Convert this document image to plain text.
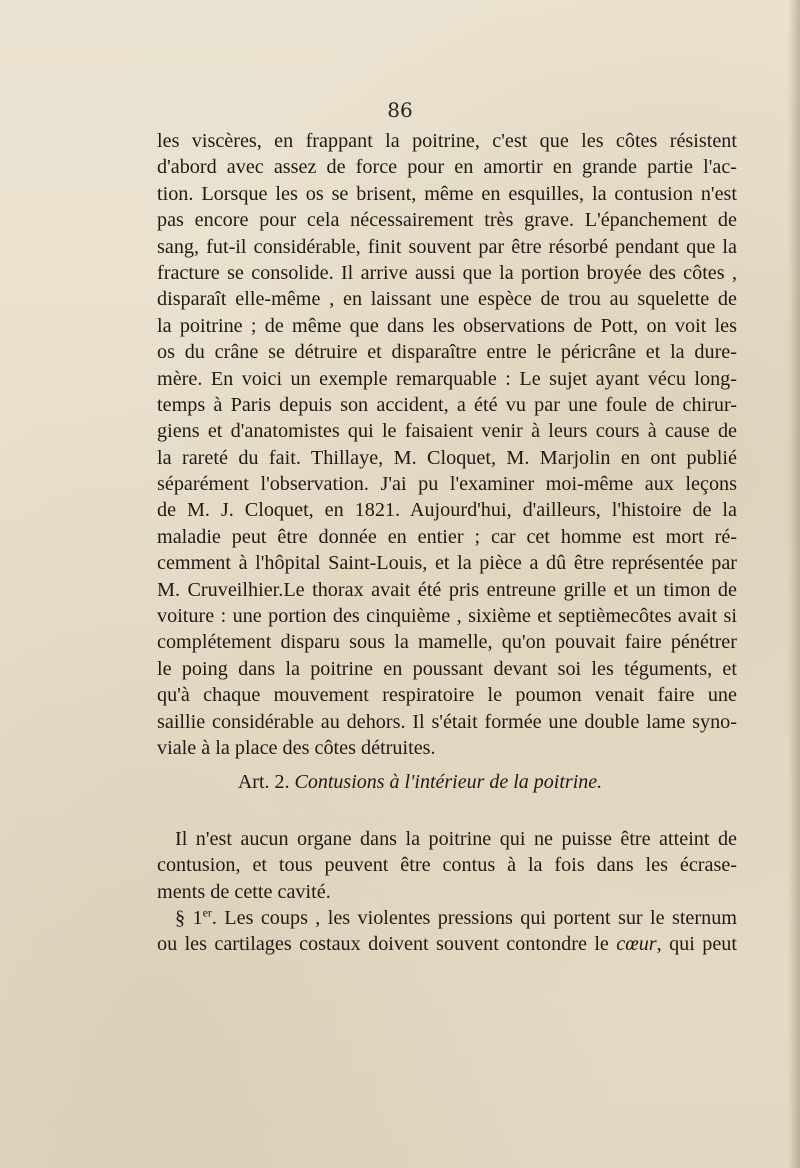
86
les viscères, en frappant la poitrine, c'est que les côtes résistent
d'abord avec assez de force pour en amortir en grande partie l'ac-
tion. Lorsque les os se brisent, même en esquilles, la contusion n'est
pas encore pour cela nécessairement très grave. L'épanchement de
sang, fut-il considérable, finit souvent par être résorbé pendant que la
fracture se consolide. Il arrive aussi que la portion broyée des côtes ,
disparaît elle-même , en laissant une espèce de trou au squelette de
la poitrine ; de même que dans les observations de Pott, on voit les
os du crâne se détruire et disparaître entre le péricrâne et la dure-
mère. En voici un exemple remarquable : Le sujet ayant vécu long-
temps à Paris depuis son accident, a été vu par une foule de chirur-
giens et d'anatomistes qui le faisaient venir à leurs cours à cause de
la rareté du fait. Thillaye, M. Cloquet, M. Marjolin en ont publié
séparément l'observation. J'ai pu l'examiner moi-même aux leçons
de M. J. Cloquet, en 1821. Aujourd'hui, d'ailleurs, l'histoire de la
maladie peut être donnée en entier ; car cet homme est mort ré-
cemment à l'hôpital Saint-Louis, et la pièce a dû être représentée par
M. Cruveilhier.Le thorax avait été pris entreune grille et un timon de
voiture : une portion des cinquième , sixième et septièmecôtes avait si
complétement disparu sous la mamelle, qu'on pouvait faire pénétrer
le poing dans la poitrine en poussant devant soi les téguments, et
qu'à chaque mouvement respiratoire le poumon venait faire une
saillie considérable au dehors. Il s'était formée une double lame syno-
viale à la place des côtes détruites.
Art. 2. Contusions à l'intérieur de la poitrine.
Il n'est aucun organe dans la poitrine qui ne puisse être atteint de
contusion, et tous peuvent être contus à la fois dans les écrase-
ments de cette cavité.
§ 1er. Les coups , les violentes pressions qui portent sur le sternum
ou les cartilages costaux doivent souvent contondre le cœur, qui peut
